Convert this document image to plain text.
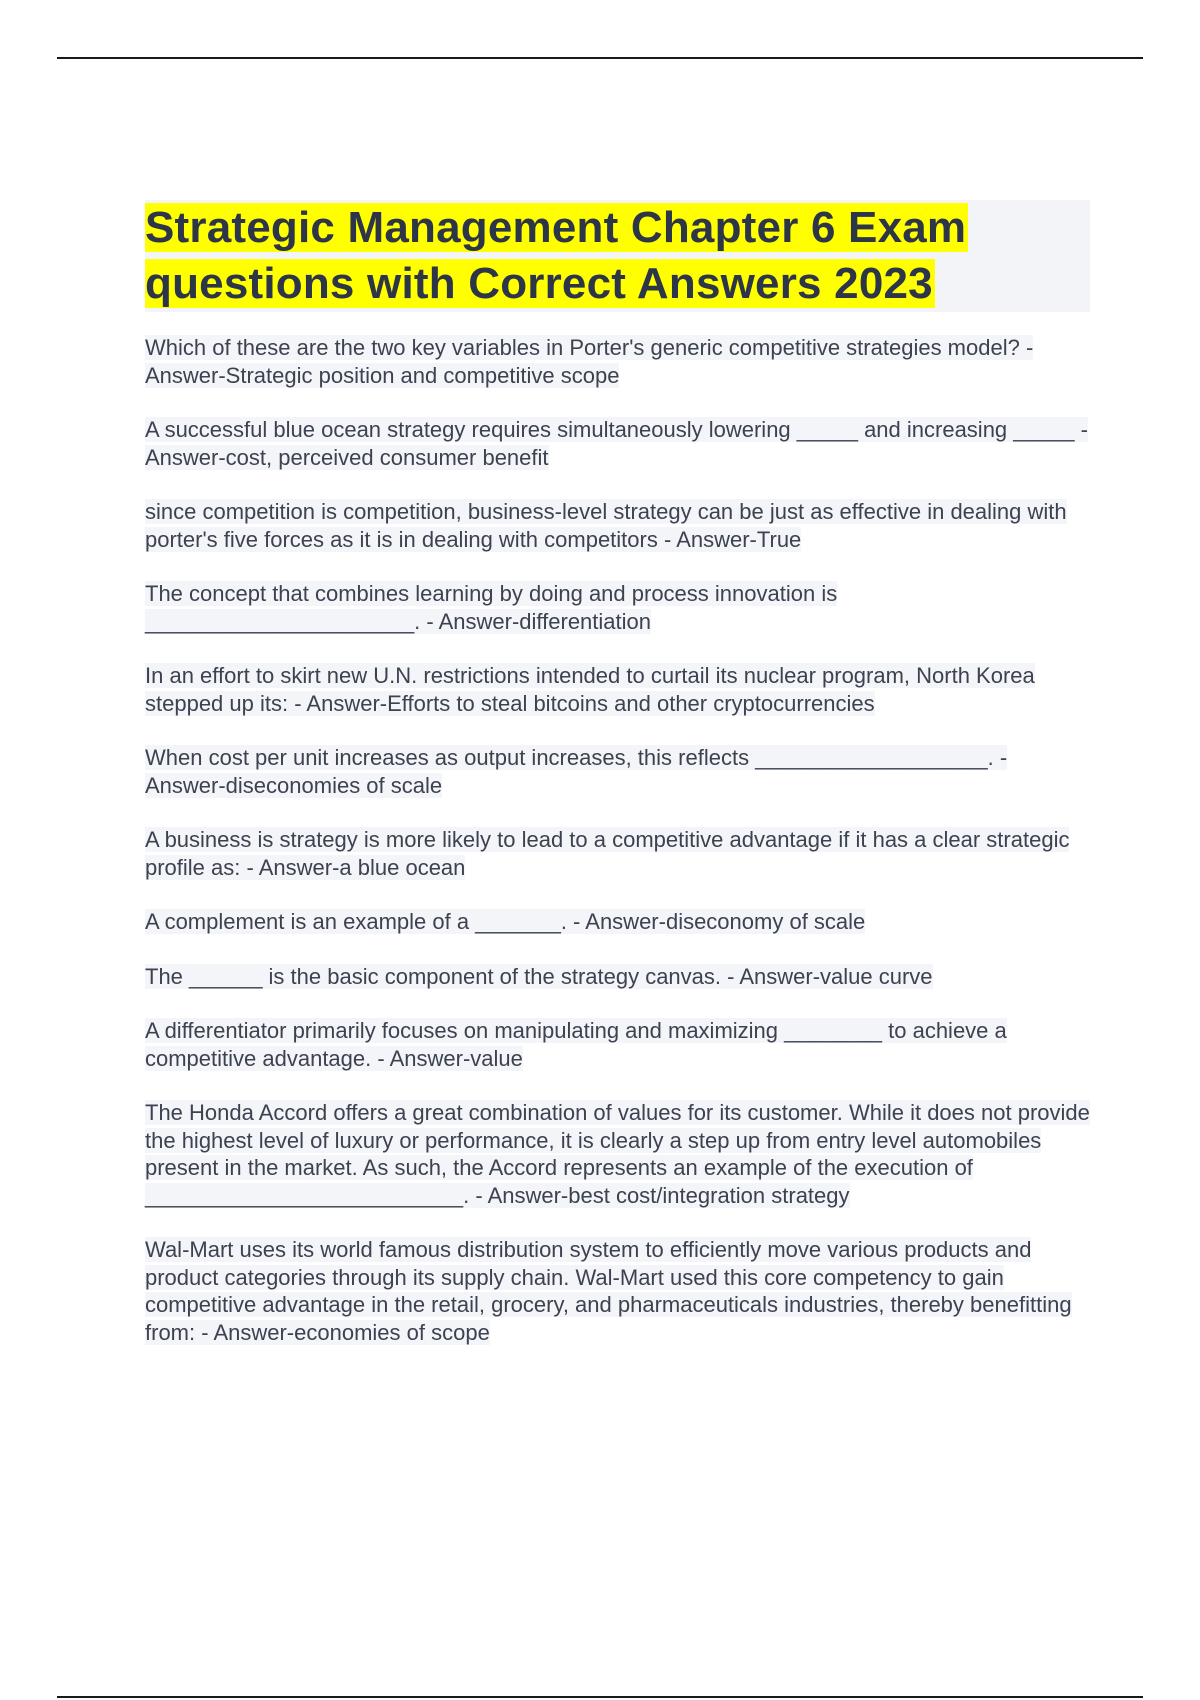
Strategic Management Chapter 6 Exam
questions with Correct Answers 2023

Which of these are the two key variables in Porter's generic competitive strategies model? - Answer-Strategic position and competitive scope

A successful blue ocean strategy requires simultaneously lowering _____ and increasing _____ - Answer-cost, perceived consumer benefit

since competition is competition, business-level strategy can be just as effective in dealing with porter's five forces as it is in dealing with competitors - Answer-True

The concept that combines learning by doing and process innovation is ______________________. - Answer-differentiation

In an effort to skirt new U.N. restrictions intended to curtail its nuclear program, North Korea stepped up its: - Answer-Efforts to steal bitcoins and other cryptocurrencies

When cost per unit increases as output increases, this reflects ___________________. - Answer-diseconomies of scale

A business is strategy is more likely to lead to a competitive advantage if it has a clear strategic profile as: - Answer-a blue ocean

A complement is an example of a _______. - Answer-diseconomy of scale

The ______ is the basic component of the strategy canvas. - Answer-value curve

A differentiator primarily focuses on manipulating and maximizing ________ to achieve a competitive advantage. - Answer-value

The Honda Accord offers a great combination of values for its customer. While it does not provide the highest level of luxury or performance, it is clearly a step up from entry level automobiles present in the market. As such, the Accord represents an example of the execution of __________________________. - Answer-best cost/integration strategy

Wal-Mart uses its world famous distribution system to efficiently move various products and product categories through its supply chain. Wal-Mart used this core competency to gain competitive advantage in the retail, grocery, and pharmaceuticals industries, thereby benefitting from: - Answer-economies of scope
